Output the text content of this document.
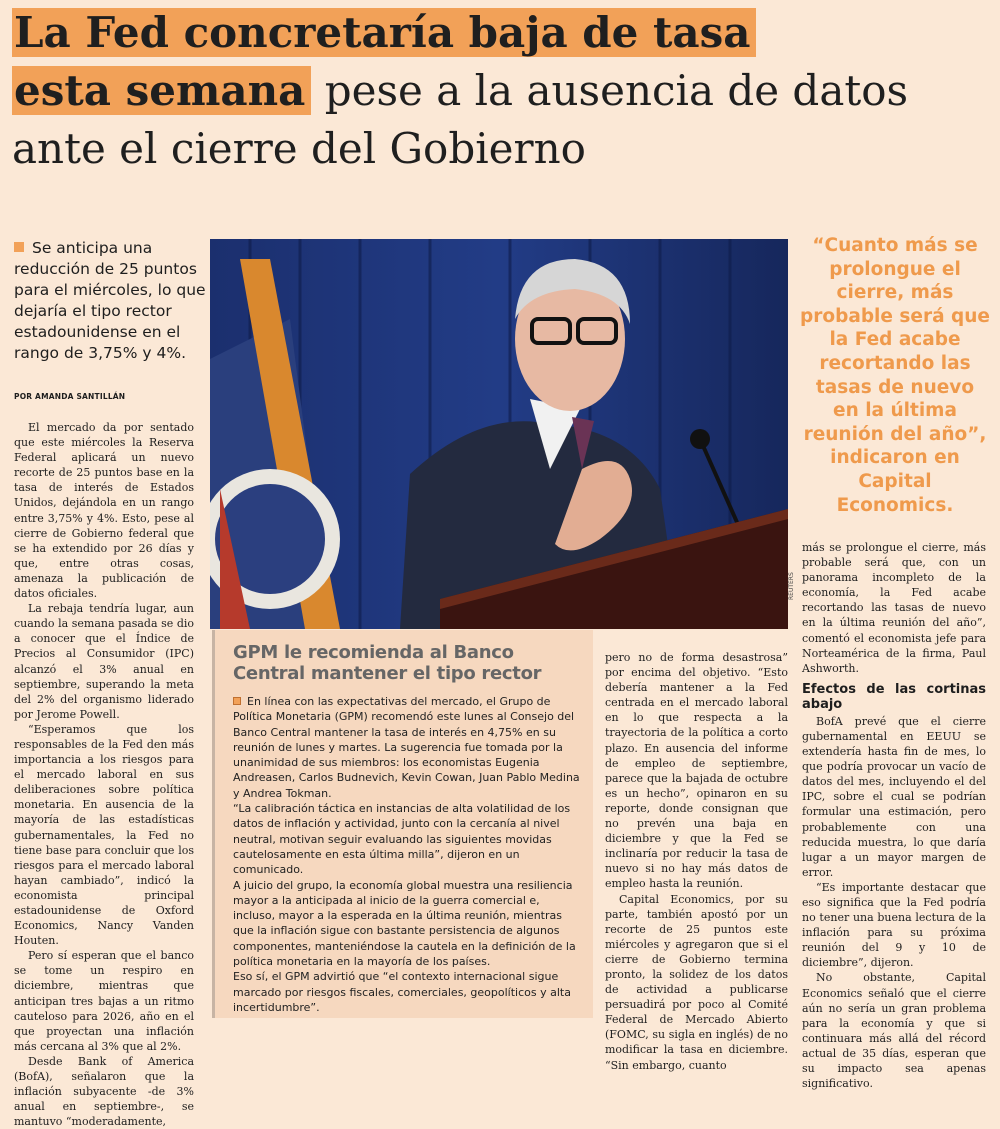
La Fed concretaría baja de tasa
esta semana pese a la ausencia de datos ante el cierre del Gobierno

Se anticipa una reducción de 25 puntos para el miércoles, lo que dejaría el tipo rector estadounidense en el rango de 3,75% y 4%.

POR AMANDA SANTILLÁN

El mercado da por sentado que este miércoles la Reserva Federal aplicará un nuevo recorte de 25 puntos base en la tasa de interés de Estados Unidos, dejándola en un rango entre 3,75% y 4%. Esto, pese al cierre de Gobierno federal que se ha extendido por 26 días y que, entre otras cosas, amenaza la publicación de datos oficiales.

La rebaja tendría lugar, aun cuando la semana pasada se dio a conocer que el Índice de Precios al Consumidor (IPC) alcanzó el 3% anual en septiembre, superando la meta del 2% del organismo liderado por Jerome Powell.

“Esperamos que los responsables de la Fed den más importancia a los riesgos para el mercado laboral en sus deliberaciones sobre política monetaria. En ausencia de la mayoría de las estadísticas gubernamentales, la Fed no tiene base para concluir que los riesgos para el mercado laboral hayan cambiado”, indicó la economista principal estadounidense de Oxford Economics, Nancy Vanden Houten.

Pero sí esperan que el banco se tome un respiro en diciembre, mientras que anticipan tres bajas a un ritmo cauteloso para 2026, año en el que proyectan una inflación más cercana al 3% que al 2%.

Desde Bank of America (BofA), señalaron que la inflación subyacente -de 3% anual en septiembre-, se mantuvo “moderadamente,

REUTERS

“Cuanto más se prolongue el cierre, más probable será que la Fed acabe recortando las tasas de nuevo en la última reunión del año”, indicaron en Capital Economics.

GPM le recomienda al Banco Central mantener el tipo rector

En línea con las expectativas del mercado, el Grupo de Política Monetaria (GPM) recomendó este lunes al Consejo del Banco Central mantener la tasa de interés en 4,75% en su reunión de lunes y martes. La sugerencia fue tomada por la unanimidad de sus miembros: los economistas Eugenia Andreasen, Carlos Budnevich, Kevin Cowan, Juan Pablo Medina y Andrea Tokman.

“La calibración táctica en instancias de alta volatilidad de los datos de inflación y actividad, junto con la cercanía al nivel neutral, motivan seguir evaluando las siguientes movidas cautelosamente en esta última milla”, dijeron en un comunicado.

A juicio del grupo, la economía global muestra una resiliencia mayor a la anticipada al inicio de la guerra comercial e, incluso, mayor a la esperada en la última reunión, mientras que la inflación sigue con bastante persistencia de algunos componentes, manteniéndose la cautela en la definición de la política monetaria en la mayoría de los países.

Eso sí, el GPM advirtió que “el contexto internacional sigue marcado por riesgos fiscales, comerciales, geopolíticos y alta incertidumbre”.

pero no de forma desastrosa” por encima del objetivo. “Esto debería mantener a la Fed centrada en el mercado laboral en lo que respecta a la trayectoria de la política a corto plazo. En ausencia del informe de empleo de septiembre, parece que la bajada de octubre es un hecho”, opinaron en su reporte, donde consignan que no prevén una baja en diciembre y que la Fed se inclinaría por reducir la tasa de nuevo si no hay más datos de empleo hasta la reunión.

Capital Economics, por su parte, también apostó por un recorte de 25 puntos este miércoles y agregaron que si el cierre de Gobierno termina pronto, la solidez de los datos de actividad a publicarse persuadirá por poco al Comité Federal de Mercado Abierto (FOMC, su sigla en inglés) de no modificar la tasa en diciembre. “Sin embargo, cuanto

más se prolongue el cierre, más probable será que, con un panorama incompleto de la economía, la Fed acabe recortando las tasas de nuevo en la última reunión del año”, comentó el economista jefe para Norteamérica de la firma, Paul Ashworth.

Efectos de las cortinas abajo

BofA prevé que el cierre gubernamental en EEUU se extendería hasta fin de mes, lo que podría provocar un vacío de datos del mes, incluyendo el del IPC, sobre el cual se podrían formular una estimación, pero probablemente con una reducida muestra, lo que daría lugar a un mayor margen de error.

“Es importante destacar que eso significa que la Fed podría no tener una buena lectura de la inflación para su próxima reunión del 9 y 10 de diciembre”, dijeron.

No obstante, Capital Economics señaló que el cierre aún no sería un gran problema para la economía y que si continuara más allá del récord actual de 35 días, esperan que su impacto sea apenas significativo.
